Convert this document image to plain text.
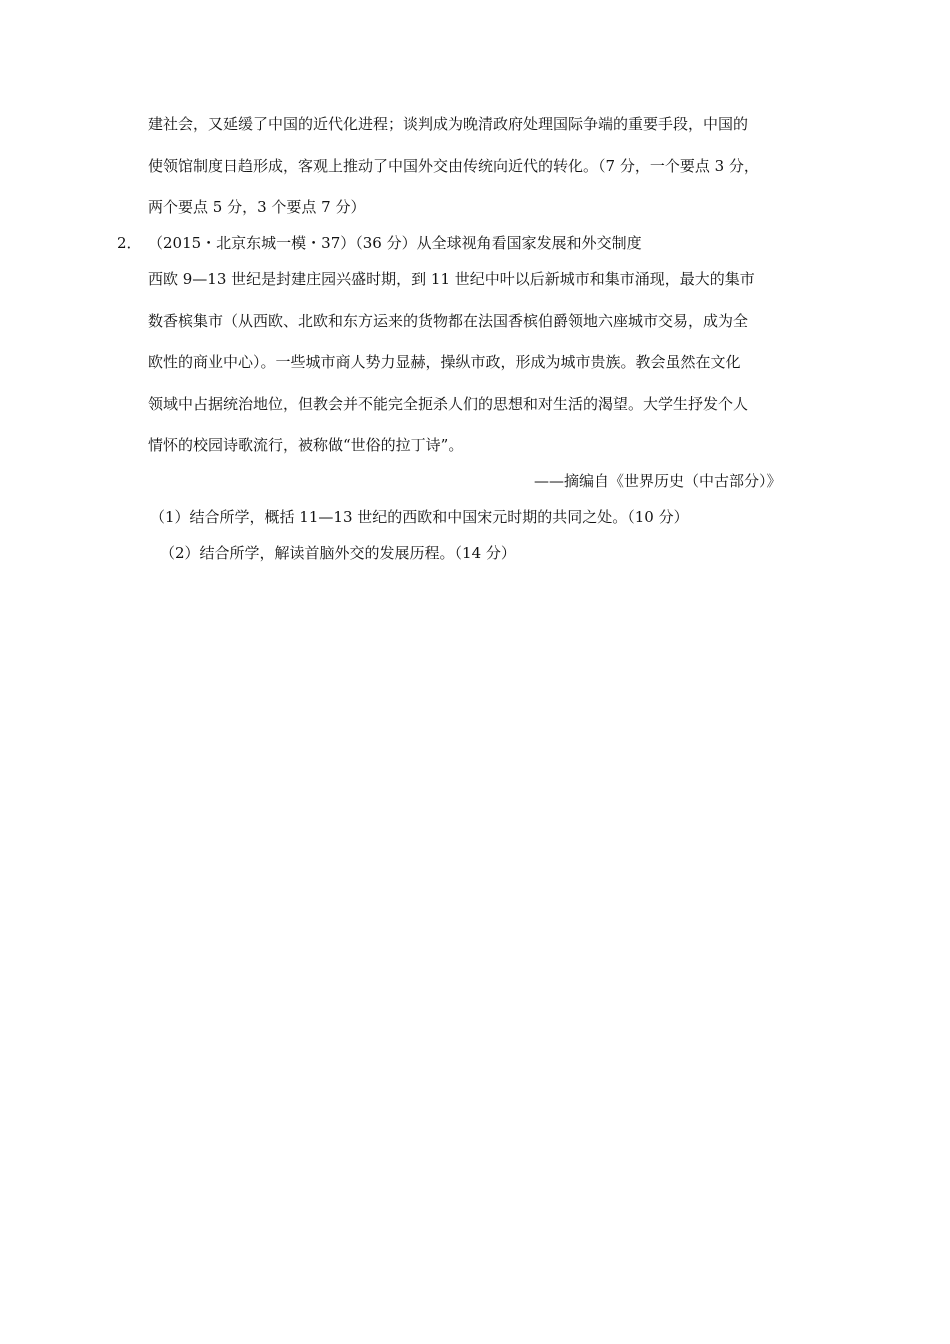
建社会，又延缓了中国的近代化进程；谈判成为晚清政府处理国际争端的重要手段，中国的
使领馆制度日趋形成，客观上推动了中国外交由传统向近代的转化。（7 分，一个要点 3 分，
两个要点 5 分，3 个要点 7 分）
2． （2015・北京东城一模・37）（36 分）从全球视角看国家发展和外交制度
西欧 9—13 世纪是封建庄园兴盛时期，到 11 世纪中叶以后新城市和集市涌现，最大的集市
数香槟集市（从西欧、北欧和东方运来的货物都在法国香槟伯爵领地六座城市交易，成为全
欧性的商业中心）。一些城市商人势力显赫，操纵市政，形成为城市贵族。教会虽然在文化
领域中占据统治地位，但教会并不能完全扼杀人们的思想和对生活的渴望。大学生抒发个人
情怀的校园诗歌流行，被称做“世俗的拉丁诗”。
——摘编自《世界历史（中古部分）》
（1）结合所学，概括 11—13 世纪的西欧和中国宋元时期的共同之处。（10 分）
（2）结合所学，解读首脑外交的发展历程。（14 分）
